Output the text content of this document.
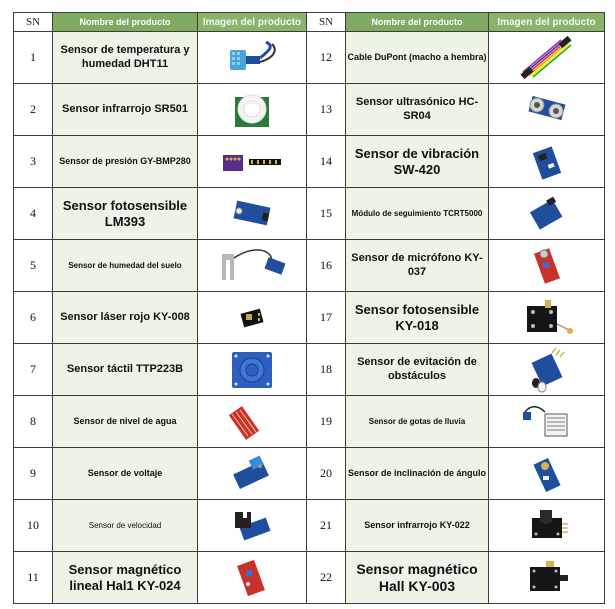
SN	Nombre del producto	Imagen del producto	SN	Nombre del producto	Imagen del producto
1	Sensor de temperatura y humedad DHT11		12	Cable DuPont (macho a hembra)	

2	Sensor infrarrojo SR501		13	Sensor ultrasónico HC-SR04	

3	Sensor de presión GY-BMP280		14	Sensor de vibración SW-420	

4	Sensor fotosensible LM393		15	Módulo de seguimiento TCRT5000	

5	Sensor de humedad del suelo		16	Sensor de micrófono KY-037	

6	Sensor láser rojo KY-008		17	Sensor fotosensible KY-018	

7	Sensor táctil TTP223B		18	Sensor de evitación de obstáculos	

8	Sensor de nivel de agua		19	Sensor de gotas de lluvia	

9	Sensor de voltaje		20	Sensor de inclinación de ángulo	

10	Sensor de velocidad		21	Sensor infrarrojo KY-022	

11	Sensor magnético lineal Hal1 KY-024		22	Sensor magnético Hall KY-003	
